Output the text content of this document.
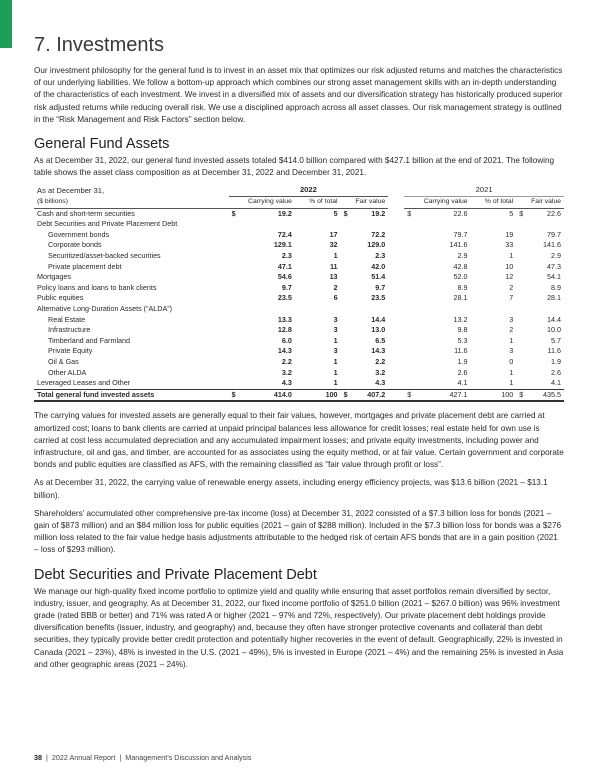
7. Investments

Our investment philosophy for the general fund is to invest in an asset mix that optimizes our risk adjusted returns and matches the characteristics of our underlying liabilities. We follow a bottom-up approach which combines our strong asset management skills with an in-depth understanding of the characteristics of each investment. We invest in a diversified mix of assets and our diversification strategy has historically produced superior risk adjusted returns while reducing overall risk. We use a disciplined approach across all asset classes. Our risk management strategy is outlined in the “Risk Management and Risk Factors” section below.

General Fund Assets

As at December 31, 2022, our general fund invested assets totaled $414.0 billion compared with $427.1 billion at the end of 2021. The following table shows the asset class composition as at December 31, 2022 and December 31, 2021.

As at December 31,	2022				2021		
($ billions)	Carrying value	% of total	Fair value		Carrying value	% of total	Fair value
Cash and short-term securities	$ 19.2	5	$ 19.2		$ 22.6	5	$ 22.6
Debt Securities and Private Placement Debt							
Government bonds	72.4	17	72.2		79.7	19	79.7
Corporate bonds	129.1	32	129.0		141.6	33	141.6
Securitized/asset-backed securities	2.3	1	2.3		2.9	1	2.9
Private placement debt	47.1	11	42.0		42.8	10	47.3
Mortgages	54.6	13	51.4		52.0	12	54.1
Policy loans and loans to bank clients	9.7	2	9.7		8.9	2	8.9
Public equities	23.5	6	23.5		28.1	7	28.1
Alternative Long-Duration Assets (“ALDA”)							
Real Estate	13.3	3	14.4		13.2	3	14.4
Infrastructure	12.8	3	13.0		9.8	2	10.0
Timberland and Farmland	6.0	1	6.5		5.3	1	5.7
Private Equity	14.3	3	14.3		11.6	3	11.6
Oil & Gas	2.2	1	2.2		1.9	0	1.9
Other ALDA	3.2	1	3.2		2.6	1	2.6
Leveraged Leases and Other	4.3	1	4.3		4.1	1	4.1
Total general fund invested assets	$ 414.0	100	$ 407.2		$ 427.1	100	$ 435.5

The carrying values for invested assets are generally equal to their fair values, however, mortgages and private placement debt are carried at amortized cost; loans to bank clients are carried at unpaid principal balances less allowance for credit losses; real estate held for own use is carried at cost less accumulated depreciation and any accumulated impairment losses; and private equity investments, including power and infrastructure, oil and gas, and timber, are accounted for as associates using the equity method, or at fair value. Certain government and corporate bonds and public equities are classified as AFS, with the remaining classified as “fair value through profit or loss”.

As at December 31, 2022, the carrying value of renewable energy assets, including energy efficiency projects, was $13.6 billion (2021 – $13.1 billion).

Shareholders’ accumulated other comprehensive pre-tax income (loss) at December 31, 2022 consisted of a $7.3 billion loss for bonds (2021 – gain of $873 million) and an $84 million loss for public equities (2021 – gain of $288 million). Included in the $7.3 billion loss for bonds was a $276 million loss related to the fair value hedge basis adjustments attributable to the hedged risk of certain AFS bonds that are in a gain position (2021 – loss of $293 million).

Debt Securities and Private Placement Debt

We manage our high-quality fixed income portfolio to optimize yield and quality while ensuring that asset portfolios remain diversified by sector, industry, issuer, and geography. As at December 31, 2022, our fixed income portfolio of $251.0 billion (2021 – $267.0 billion) was 96% investment grade (rated BBB or better) and 71% was rated A or higher (2021 – 97% and 72%, respectively). Our private placement debt holdings provide diversification benefits (issuer, industry, and geography) and, because they often have stronger protective covenants and collateral than debt securities, they typically provide better credit protection and potentially higher recoveries in the event of default. Geographically, 22% is invested in Canada (2021 – 23%), 48% is invested in the U.S. (2021 – 49%), 5% is invested in Europe (2021 – 4%) and the remaining 25% is invested in Asia and other geographic areas (2021 – 24%).

38 | 2022 Annual Report | Management’s Discussion and Analysis
